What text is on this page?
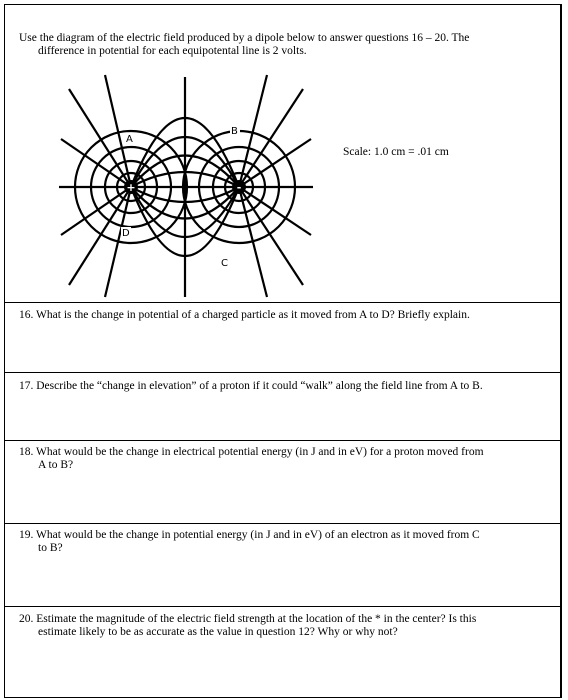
Use the diagram of the electric field produced by a dipole below to answer questions 16 – 20. The
difference in potential for each equipotental line is 2 volts.
+	-
A
B
C
D
*
Scale: 1.0 cm = .01 cm
16. What is the change in potential of a charged particle as it moved from A to D? Briefly explain.
17. Describe the “change in elevation” of a proton if it could “walk” along the field line from A to B.
18. What would be the change in electrical potential energy (in J and in eV) for a proton moved from
A to B?
19. What would be the change in potential energy (in J and in eV) of an electron as it moved from C
to B?
20. Estimate the magnitude of the electric field strength at the location of the * in the center? Is this
estimate likely to be as accurate as the value in question 12? Why or why not?
